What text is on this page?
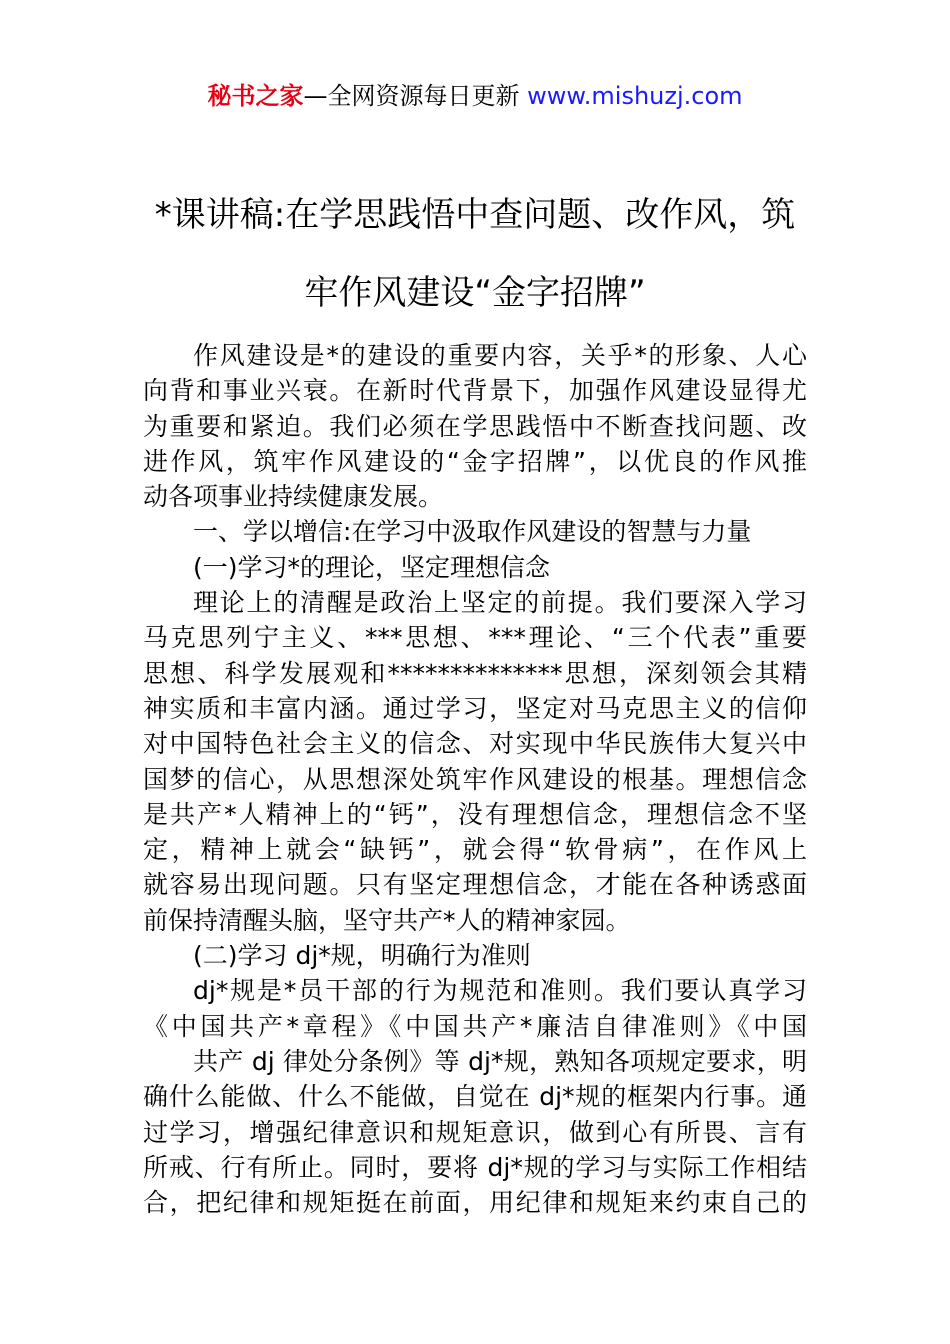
秘书之家—全网资源每日更新 www.mishuzj.com
*课讲稿:在学思践悟中查问题、改作风，筑
牢作风建设“金字招牌”
作风建设是*的建设的重要内容，关乎*的形象、人心
向背和事业兴衰。在新时代背景下，加强作风建设显得尤
为重要和紧迫。我们必须在学思践悟中不断查找问题、改
进作风，筑牢作风建设的“金字招牌”，以优良的作风推
动各项事业持续健康发展。
一、学以增信:在学习中汲取作风建设的智慧与力量
(一)学习*的理论，坚定理想信念
理论上的清醒是政治上坚定的前提。我们要深入学习
马克思列宁主义、***思想、***理论、“三个代表”重要
思想、科学发展观和**************思想，深刻领会其精
神实质和丰富内涵。通过学习，坚定对马克思主义的信仰
对中国特色社会主义的信念、对实现中华民族伟大复兴中
国梦的信心，从思想深处筑牢作风建设的根基。理想信念
是共产*人精神上的“钙”，没有理想信念，理想信念不坚
定，精神上就会“缺钙”，就会得“软骨病”，在作风上
就容易出现问题。只有坚定理想信念，才能在各种诱惑面
前保持清醒头脑，坚守共产*人的精神家园。
(二)学习 dj*规，明确行为准则
dj*规是*员干部的行为规范和准则。我们要认真学习
《中国共产*章程》《中国共产*廉洁自律准则》《中国
共产 dj 律处分条例》等 dj*规，熟知各项规定要求，明
确什么能做、什么不能做，自觉在 dj*规的框架内行事。通
过学习，增强纪律意识和规矩意识，做到心有所畏、言有
所戒、行有所止。同时，要将 dj*规的学习与实际工作相结
合，把纪律和规矩挺在前面，用纪律和规矩来约束自己的
